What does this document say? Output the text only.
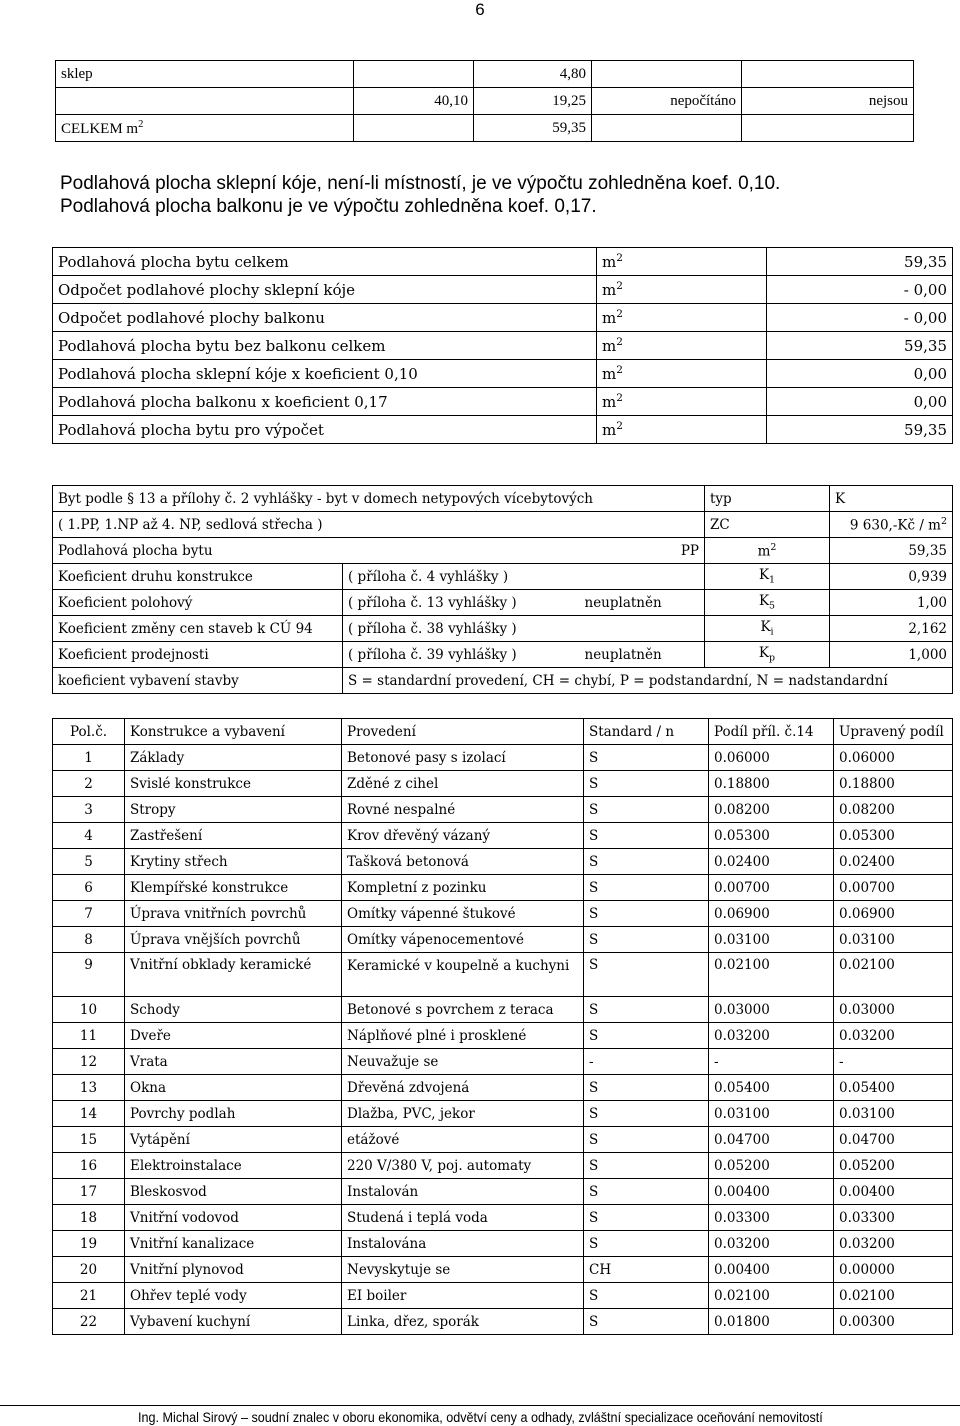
6
sklep		4,80		
	40,10	19,25	nepočítáno	nejsou
CELKEM $m^2$		59,35		
Podlahová plocha sklepní kóje, není-li místností, je ve výpočtu zohledněna koef. 0,10.
Podlahová plocha balkonu je ve výpočtu zohledněna koef. 0,17.
Podlahová plocha bytu celkem	$m^2$	59,35
Odpočet podlahové plochy sklepní kóje	$m^2$	- 0,00
Odpočet podlahové plochy balkonu	$m^2$	- 0,00
Podlahová plocha bytu bez balkonu celkem	$m^2$	59,35
Podlahová plocha sklepní kóje x koeficient 0,10	$m^2$	0,00
Podlahová plocha balkonu x koeficient 0,17	$m^2$	0,00
Podlahová plocha bytu pro výpočet	$m^2$	59,35
Byt podle § 13 a přílohy č. 2 vyhlášky - byt v domech netypových vícebytových			typ	K
( 1.PP, 1.NP až 4. NP, sedlová střecha )			ZC	9 630,-Kč / $m^2$
Podlahová plocha bytu		PP	$m^2$	59,35
Koeficient druhu konstrukce	( příloha č. 4 vyhlášky )		$K_1$	0,939
Koeficient polohový	( příloha č. 13 vyhlášky )	neuplatněn	$K_5$	1,00
Koeficient změny cen staveb k CÚ 94	( příloha č. 38 vyhlášky )		$K_i$	2,162
Koeficient prodejnosti	( příloha č. 39 vyhlášky )	neuplatněn	$K_p$	1,000
koeficient vybavení stavby	S = standardní provedení, CH = chybí, P = podstandardní, N = nadstandardní			
Pol.č.	Konstrukce a vybavení	Provedení	Standard / n	Podíl příl. č.14	Upravený podíl
1	Základy	Betonové pasy s izolací	S	0.06000	0.06000
2	Svislé konstrukce	Zděné z cihel	S	0.18800	0.18800
3	Stropy	Rovné nespalné	S	0.08200	0.08200
4	Zastřešení	Krov dřevěný vázaný	S	0.05300	0.05300
5	Krytiny střech	Tašková betonová	S	0.02400	0.02400
6	Klempířské konstrukce	Kompletní z pozinku	S	0.00700	0.00700
7	Úprava vnitřních povrchů	Omítky vápenné štukové	S	0.06900	0.06900
8	Úprava vnějších povrchů	Omítky vápenocementové	S	0.03100	0.03100
9	Vnitřní obklady keramické	Keramické v koupelně a kuchyni	S	0.02100	0.02100
10	Schody	Betonové s povrchem z teraca	S	0.03000	0.03000
11	Dveře	Náplňové plné i prosklené	S	0.03200	0.03200
12	Vrata	Neuvažuje se	-	-	-
13	Okna	Dřevěná zdvojená	S	0.05400	0.05400
14	Povrchy podlah	Dlažba, PVC, jekor	S	0.03100	0.03100
15	Vytápění	etážové	S	0.04700	0.04700
16	Elektroinstalace	220 V/380 V, poj. automaty	S	0.05200	0.05200
17	Bleskosvod	Instalován	S	0.00400	0.00400
18	Vnitřní vodovod	Studená i teplá voda	S	0.03300	0.03300
19	Vnitřní kanalizace	Instalována	S	0.03200	0.03200
20	Vnitřní plynovod	Nevyskytuje se	CH	0.00400	0.00000
21	Ohřev teplé vody	EI boiler	S	0.02100	0.02100
22	Vybavení kuchyní	Linka, dřez, sporák	S	0.01800	0.00300
Ing. Michal Sirový – soudní znalec v oboru ekonomika, odvětví ceny a odhady, zvláštní specializace oceňování nemovitostí
